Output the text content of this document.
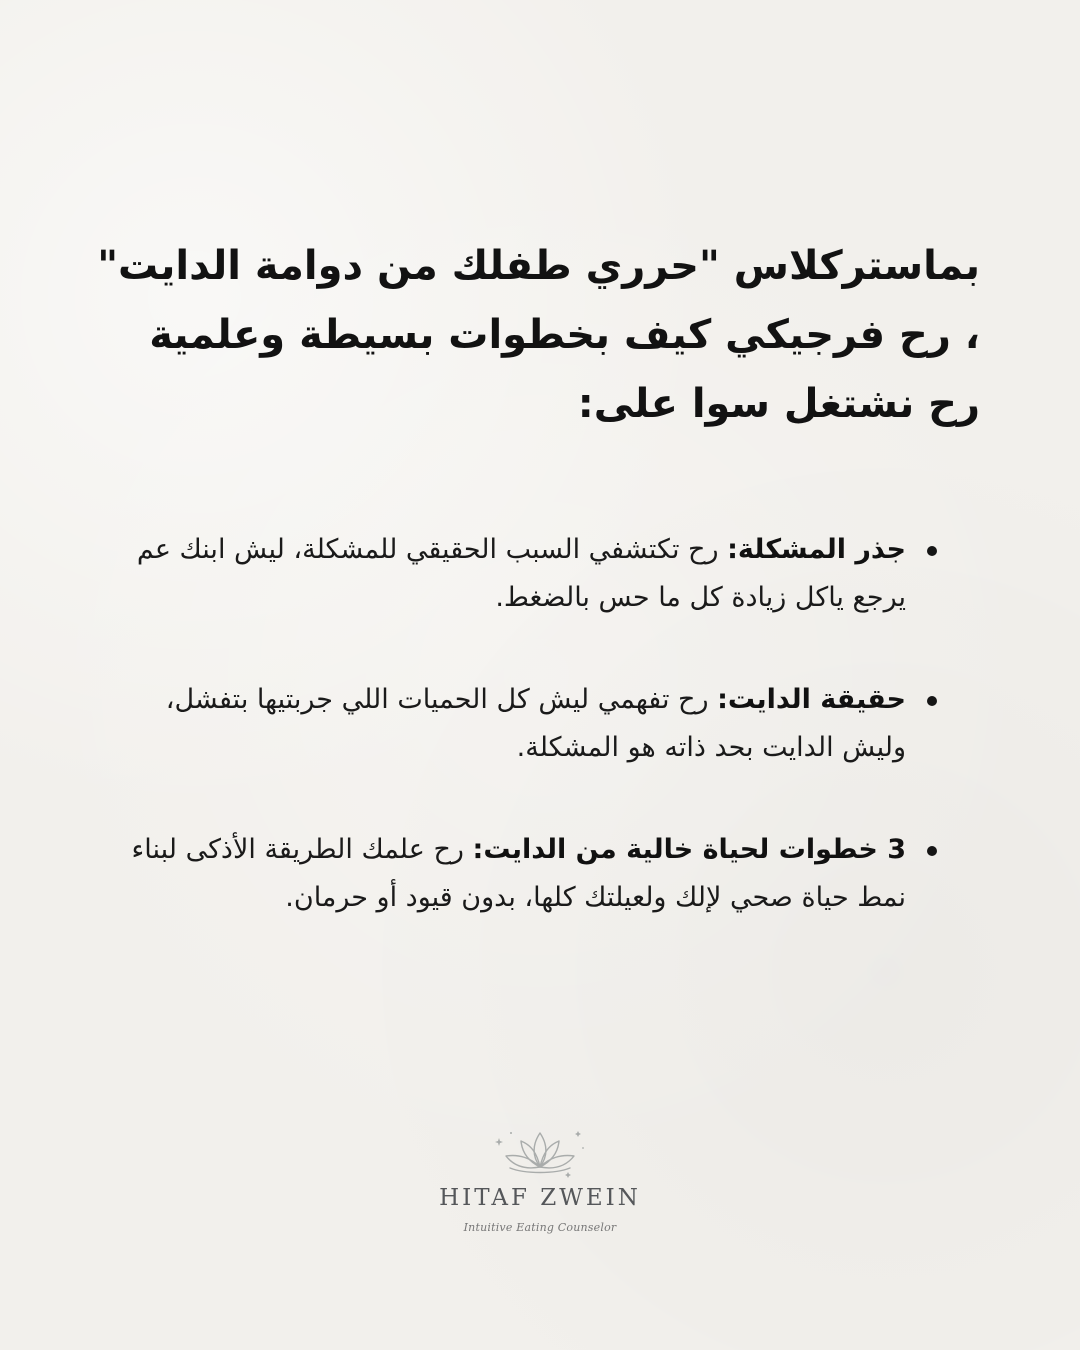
بماستركلاس "حرري طفلك من دوامة الدايت" ، رح فرجيكي كيف بخطوات بسيطة وعلمية رح نشتغل سوا على:
جذر المشكلة: رح تكتشفي السبب الحقيقي للمشكلة، ليش ابنك عم يرجع ياكل زيادة كل ما حس بالضغط.
حقيقة الدايت: رح تفهمي ليش كل الحميات اللي جربتيها بتفشل، وليش الدايت بحد ذاته هو المشكلة.
3 خطوات لحياة خالية من الدايت: رح علمك الطريقة الأذكى لبناء نمط حياة صحي لإلك ولعيلتك كلها، بدون قيود أو حرمان.
HITAF ZWEIN
Intuitive Eating Counselor
